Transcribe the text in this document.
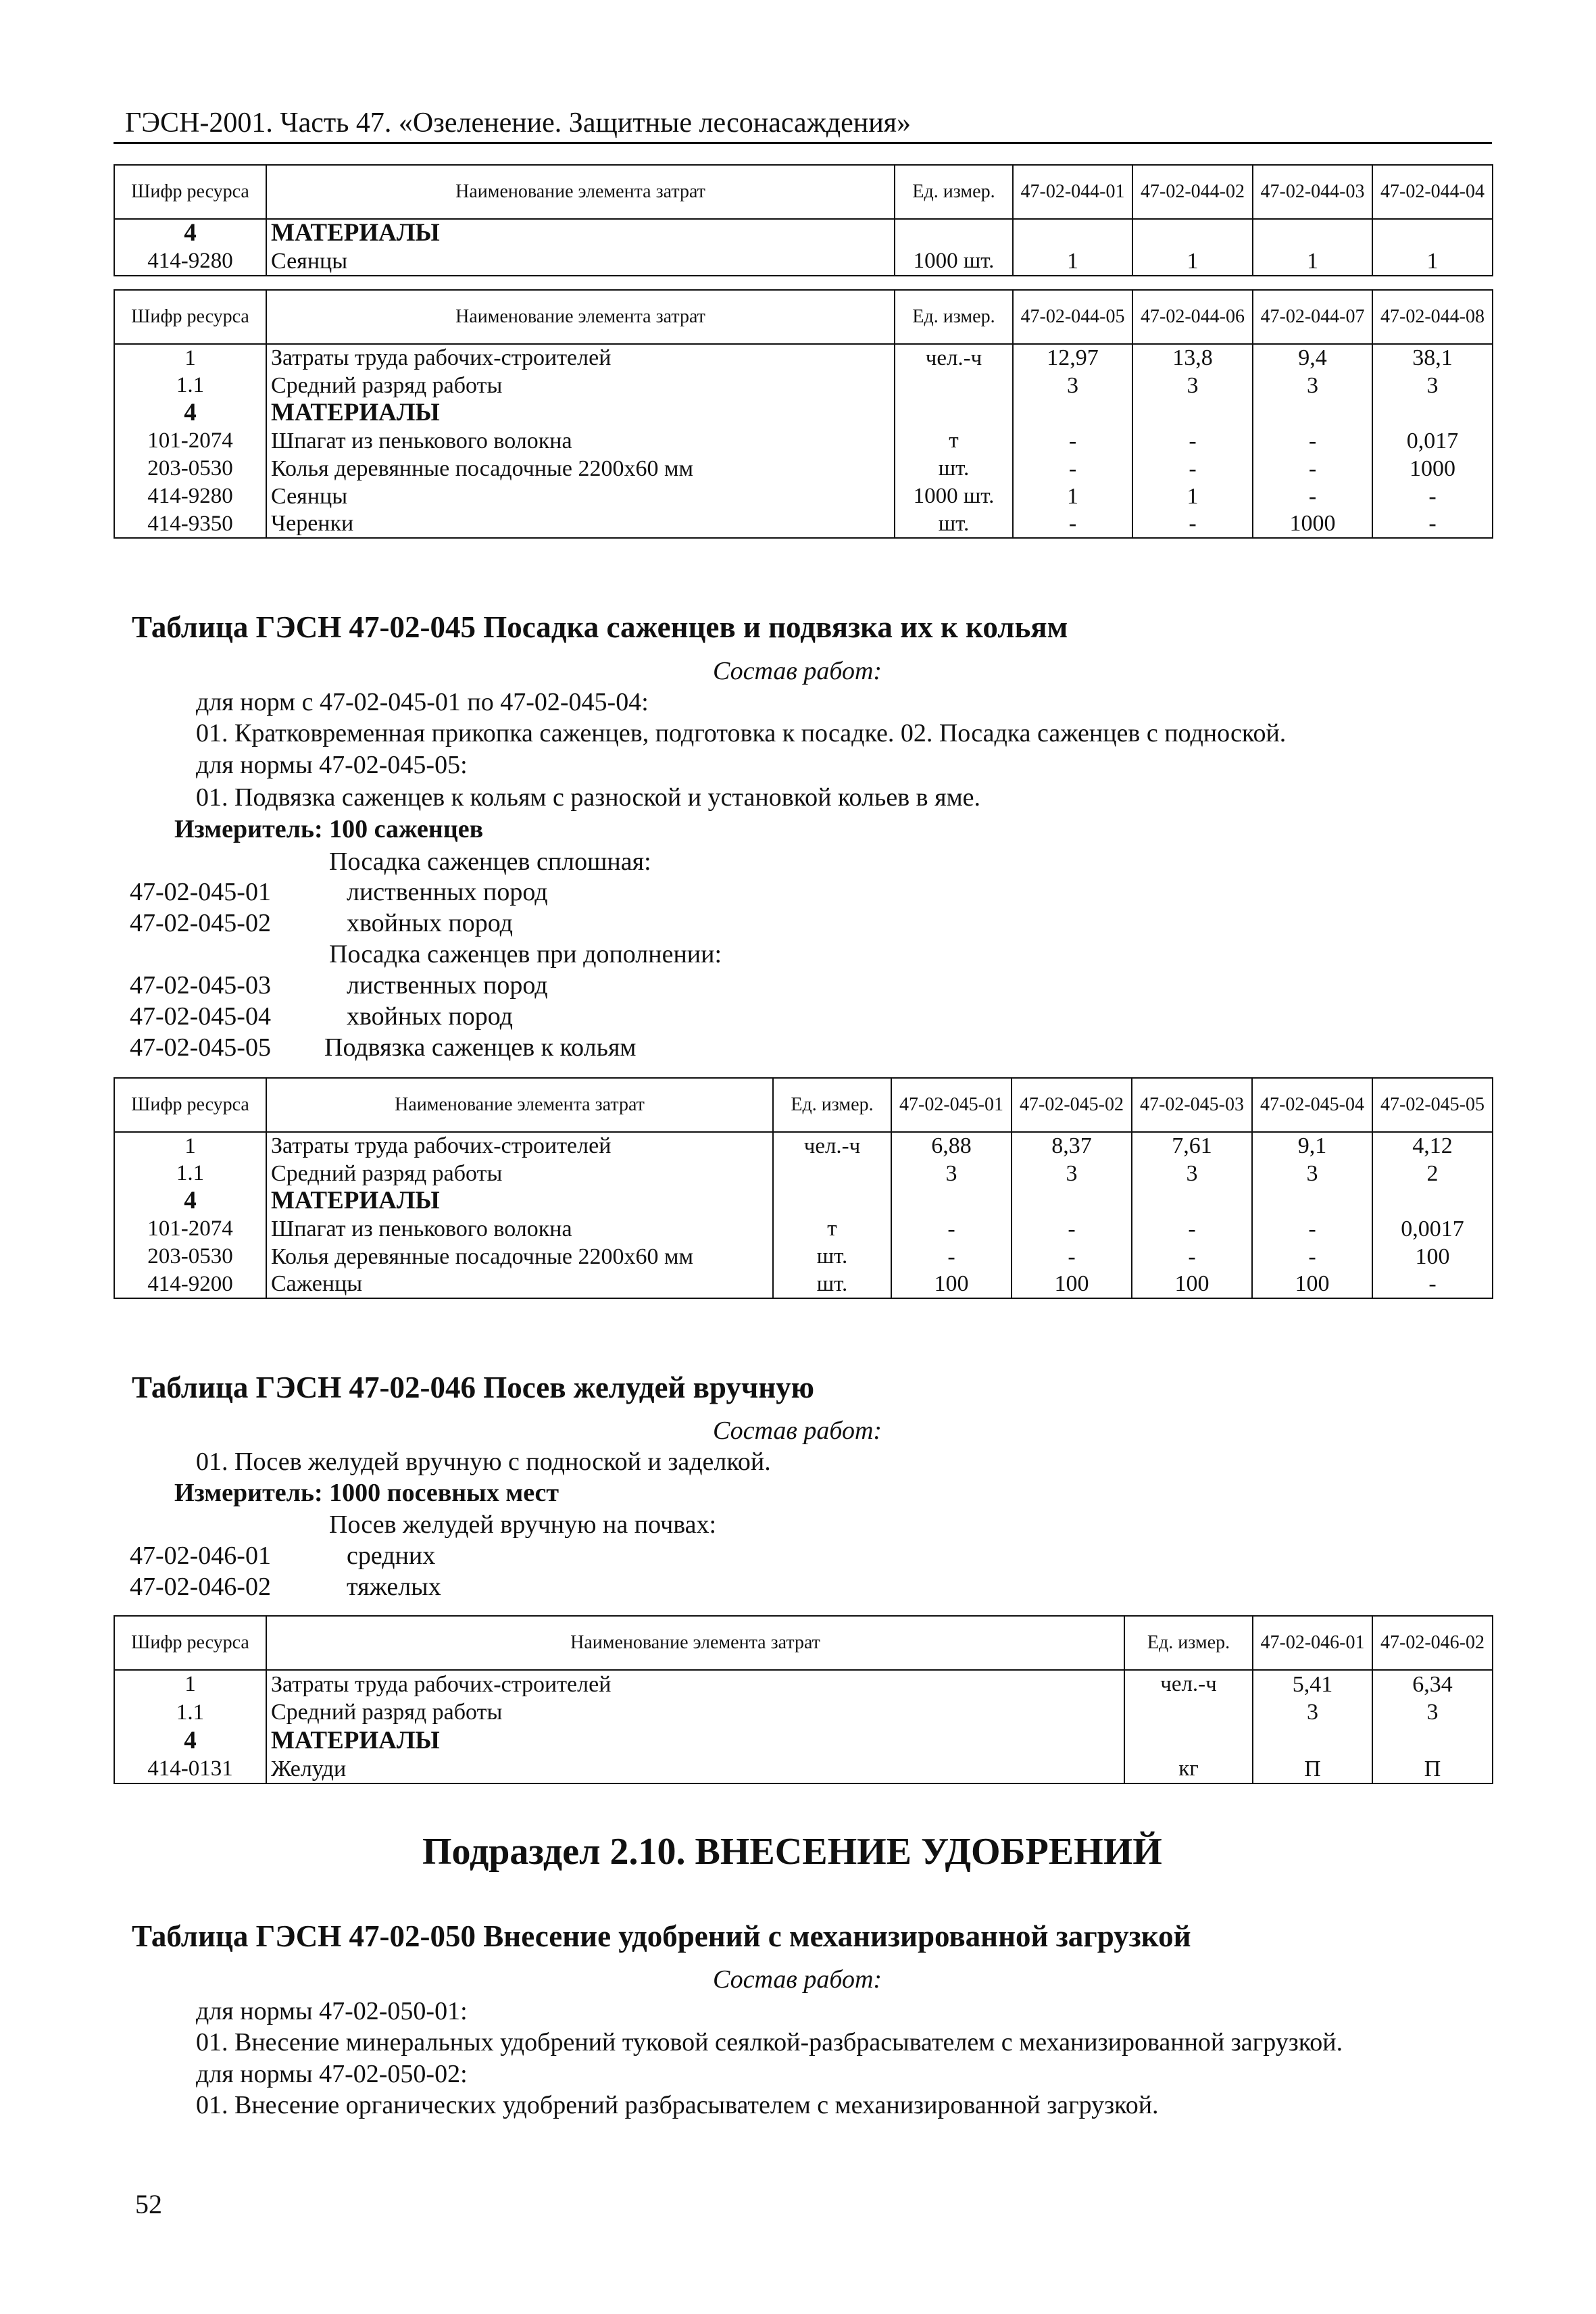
ГЭСН-2001. Часть 47. «Озеленение. Защитные лесонасаждения»
Шифр ресурса	Наименование элемента затрат	Ед. измер.	47-02-044-01	47-02-044-02	47-02-044-03	47-02-044-04
4	МАТЕРИАЛЫ					
414-9280	Сеянцы	1000 шт.	1	1	1	1
Шифр ресурса	Наименование элемента затрат	Ед. измер.	47-02-044-05	47-02-044-06	47-02-044-07	47-02-044-08
1	Затраты труда рабочих-строителей	чел.-ч	12,97	13,8	9,4	38,1
1.1	Средний разряд работы		3	3	3	3
4	МАТЕРИАЛЫ					
101-2074	Шпагат из пенькового волокна	т	-	-	-	0,017
203-0530	Колья деревянные посадочные 2200х60 мм	шт.	-	-	-	1000
414-9280	Сеянцы	1000 шт.	1	1	-	-
414-9350	Черенки	шт.	-	-	1000	-
Таблица ГЭСН 47-02-045 Посадка саженцев и подвязка их к кольям
Состав работ:
для норм с 47-02-045-01 по 47-02-045-04:
01. Кратковременная прикопка саженцев, подготовка к посадке. 02. Посадка саженцев с подноской.
для нормы 47-02-045-05:
01. Подвязка саженцев к кольям с разноской и установкой кольев в яме.
Измеритель: 100 саженцев
Посадка саженцев сплошная:
47-02-045-01	лиственных пород
47-02-045-02	хвойных пород
Посадка саженцев при дополнении:
47-02-045-03	лиственных пород
47-02-045-04	хвойных пород
47-02-045-05 Подвязка саженцев к кольям
Шифр ресурса	Наименование элемента затрат	Ед. измер.	47-02-045-01	47-02-045-02	47-02-045-03	47-02-045-04	47-02-045-05
1	Затраты труда рабочих-строителей	чел.-ч	6,88	8,37	7,61	9,1	4,12
1.1	Средний разряд работы		3	3	3	3	2
4	МАТЕРИАЛЫ						
101-2074	Шпагат из пенькового волокна	т	-	-	-	-	0,0017
203-0530	Колья деревянные посадочные 2200х60 мм	шт.	-	-	-	-	100
414-9200	Саженцы	шт.	100	100	100	100	-
Таблица ГЭСН 47-02-046 Посев желудей вручную
Состав работ:
01. Посев желудей вручную с подноской и заделкой.
Измеритель: 1000 посевных мест
Посев желудей вручную на почвах:
47-02-046-01	средних
47-02-046-02	тяжелых
Шифр ресурса	Наименование элемента затрат	Ед. измер.	47-02-046-01	47-02-046-02
1	Затраты труда рабочих-строителей	чел.-ч	5,41	6,34
1.1	Средний разряд работы		3	3
4	МАТЕРИАЛЫ			
414-0131	Желуди	кг	П	П
Подраздел 2.10. ВНЕСЕНИЕ УДОБРЕНИЙ
Таблица ГЭСН 47-02-050 Внесение удобрений с механизированной загрузкой
Состав работ:
для нормы 47-02-050-01:
01. Внесение минеральных удобрений туковой сеялкой-разбрасывателем с механизированной загрузкой.
для нормы 47-02-050-02:
01. Внесение органических удобрений разбрасывателем с механизированной загрузкой.
52
